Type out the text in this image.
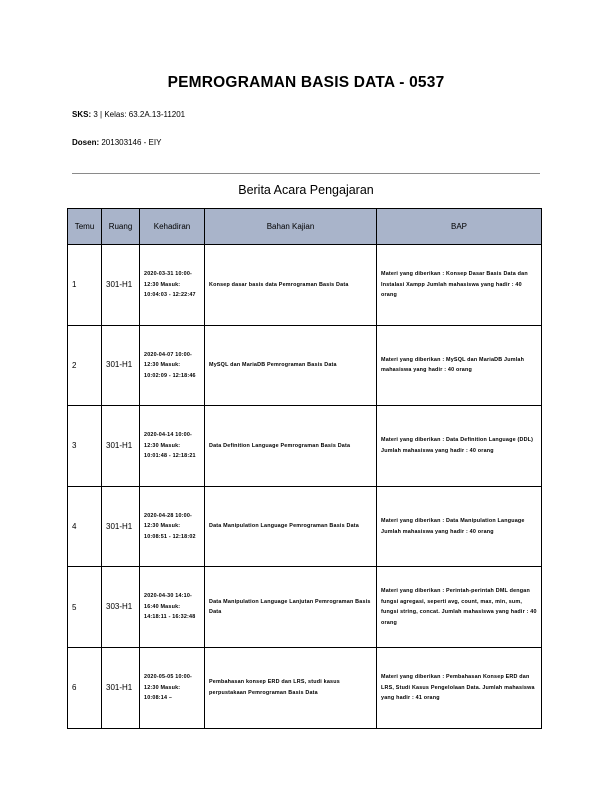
PEMROGRAMAN BASIS DATA - 0537
SKS: 3 | Kelas: 63.2A.13-11201
Dosen: 201303146 - EIY
Berita Acara Pengajaran
Temu	Ruang	Kehadiran	Bahan Kajian	BAP
1	301-H1	2020-03-31 10:00-12:30 Masuk: 10:04:03 - 12:22:47	Konsep dasar basis data Pemrograman Basis Data	Materi yang diberikan : Konsep Dasar Basis Data dan Instalasi Xampp Jumlah mahasiswa yang hadir : 40 orang
2	301-H1	2020-04-07 10:00-12:30 Masuk: 10:02:09 - 12:18:46	MySQL dan MariaDB Pemrograman Basis Data	Materi yang diberikan : MySQL dan MariaDB Jumlah mahasiswa yang hadir : 40 orang
3	301-H1	2020-04-14 10:00-12:30 Masuk: 10:01:48 - 12:18:21	Data Definition Language Pemrograman Basis Data	Materi yang diberikan : Data Definition Language (DDL) Jumlah mahasiswa yang hadir : 40 orang
4	301-H1	2020-04-28 10:00-12:30 Masuk: 10:08:51 - 12:18:02	Data Manipulation Language Pemrograman Basis Data	Materi yang diberikan : Data Manipulation Language Jumlah mahasiswa yang hadir : 40 orang
5	303-H1	2020-04-30 14:10-16:40 Masuk: 14:18:11 - 16:32:48	Data Manipulation Language Lanjutan Pemrograman Basis Data	Materi yang diberikan : Perintah-perintah DML dengan fungsi agregasi, seperti avg, count, max, min, sum, fungsi string, concat. Jumlah mahasiswa yang hadir : 40 orang
6	301-H1	2020-05-05 10:00-12:30 Masuk: 10:08:14 –	Pembahasan konsep ERD dan LRS, studi kasus perpustakaan Pemrograman Basis Data	Materi yang diberikan : Pembahasan Konsep ERD dan LRS, Studi Kasus Pengelolaan Data. Jumlah mahasiswa yang hadir : 41 orang
